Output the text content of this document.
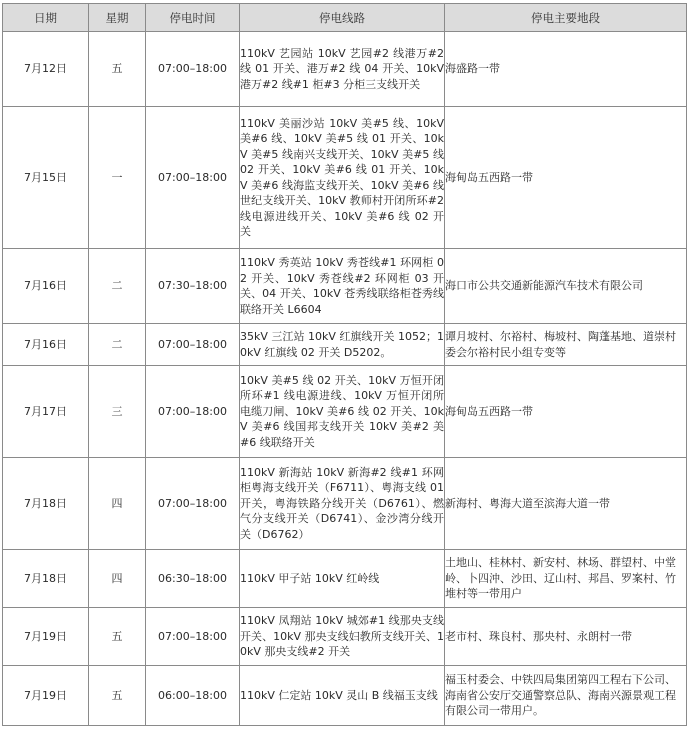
日期	星期	停电时间	停电线路	停电主要地段
7月12日	五	07:00–18:00	110kV 艺园站 10kV 艺园#2 线港万#2 线 01 开关、港万#2 线 04 开关、10kV 港万#2 线#1 柜#3 分柜三支线开关	海盛路一带
7月15日	一	07:00–18:00	110kV 美丽沙站 10kV 美#5 线、10kV 美#6 线、10kV 美#5 线 01 开关、10kV 美#5 线南兴支线开关、10kV 美#5 线 02 开关、10kV 美#6 线 01 开关、10kV 美#6 线海监支线开关、10kV 美#6 线世纪支线开关、10kV 教师村开闭所环#2 线电源进线开关、10kV 美#6 线 02 开关	海甸岛五西路一带
7月16日	二	07:30–18:00	110kV 秀英站 10kV 秀苍线#1 环网柜 02 开关、10kV 秀苍线#2 环网柜 03 开关、04 开关、10kV 苍秀线联络柜苍秀线联络开关 L6604	海口市公共交通新能源汽车技术有限公司
7月16日	二	07:00–18:00	35kV 三江站 10kV 红旗线开关 1052；10kV 红旗线 02 开关 D5202。	谭月坡村、尔裕村、梅坡村、陶蓬基地、道崇村委会尔裕村民小组专变等
7月17日	三	07:00–18:00	10kV 美#5 线 02 开关、10kV 万恒开闭所环#1 线电源进线、10kV 万恒开闭所电缆刀闸、10kV 美#6 线 02 开关、10kV 美#6 线国邦支线开关 10kV 美#2 美#6 线联络开关	海甸岛五西路一带
7月18日	四	07:00–18:00	110kV 新海站 10kV 新海#2 线#1 环网柜粤海支线开关（F6711）、粤海支线 01 开关，粤海铁路分线开关（D6761）、燃气分支线开关（D6741）、金沙湾分线开关（D6762）	新海村、粤海大道至滨海大道一带
7月18日	四	06:30–18:00	110kV 甲子站 10kV 红岭线	土地山、桂林村、新安村、林场、群望村、中堂岭、卜四沖、沙田、辽山村、邦昌、罗案村、竹堆村等一带用户
7月19日	五	07:00–18:00	110kV 凤翔站 10kV 城郊#1 线那央支线开关、10kV 那央支线妇教所支线开关、10kV 那央支线#2 开关	老市村、珠良村、那央村、永朗村一带
7月19日	五	06:00–18:00	110kV 仁定站 10kV 灵山 B 线福玉支线	福玉村委会、中铁四局集团第四工程右下公司、海南省公安厅交通警察总队、海南兴源景观工程有限公司一带用户。
